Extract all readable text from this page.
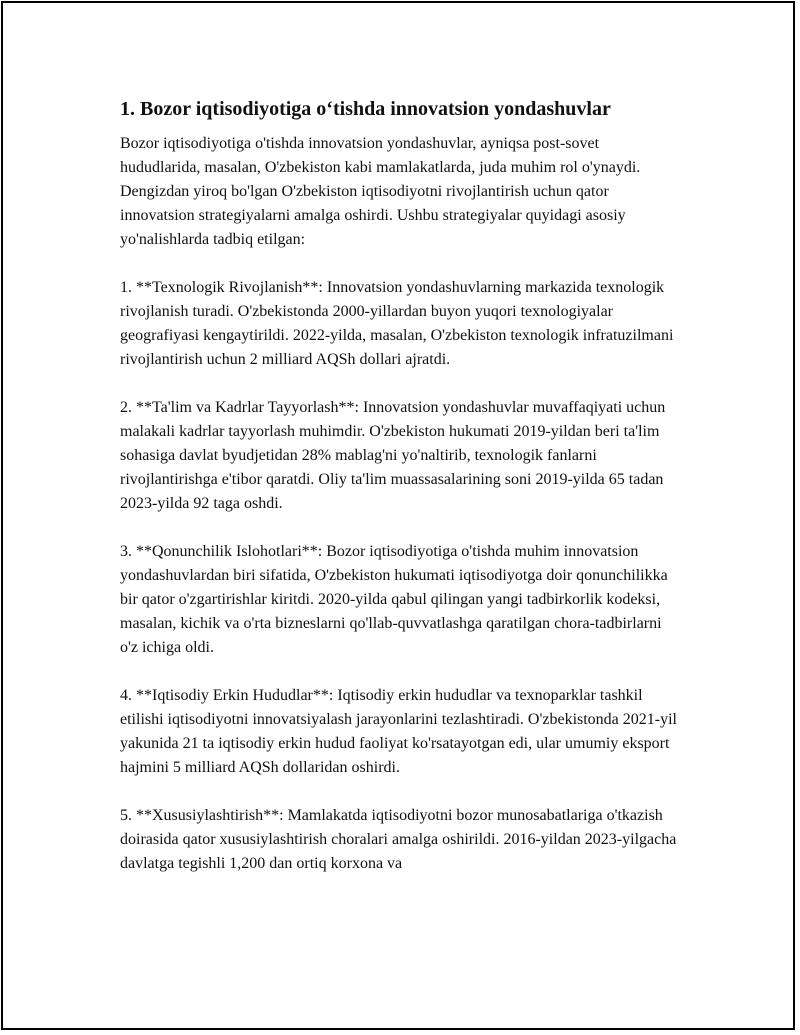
1. Bozor iqtisodiyotiga o‘tishda innovatsion yondashuvlar

Bozor iqtisodiyotiga o'tishda innovatsion yondashuvlar, ayniqsa post-sovet hududlarida, masalan, O'zbekiston kabi mamlakatlarda, juda muhim rol o'ynaydi. Dengizdan yiroq bo'lgan O'zbekiston iqtisodiyotni rivojlantirish uchun qator innovatsion strategiyalarni amalga oshirdi. Ushbu strategiyalar quyidagi asosiy yo'nalishlarda tadbiq etilgan:

1. **Texnologik Rivojlanish**: Innovatsion yondashuvlarning markazida texnologik rivojlanish turadi. O'zbekistonda 2000-yillardan buyon yuqori texnologiyalar geografiyasi kengaytirildi. 2022-yilda, masalan, O'zbekiston texnologik infratuzilmani rivojlantirish uchun 2 milliard AQSh dollari ajratdi.

2. **Ta'lim va Kadrlar Tayyorlash**: Innovatsion yondashuvlar muvaffaqiyati uchun malakali kadrlar tayyorlash muhimdir. O'zbekiston hukumati 2019-yildan beri ta'lim sohasiga davlat byudjetidan 28% mablag'ni yo'naltirib, texnologik fanlarni rivojlantirishga e'tibor qaratdi. Oliy ta'lim muassasalarining soni 2019-yilda 65 tadan 2023-yilda 92 taga oshdi.

3. **Qonunchilik Islohotlari**: Bozor iqtisodiyotiga o'tishda muhim innovatsion yondashuvlardan biri sifatida, O'zbekiston hukumati iqtisodiyotga doir qonunchilikka bir qator o'zgartirishlar kiritdi. 2020-yilda qabul qilingan yangi tadbirkorlik kodeksi, masalan, kichik va o'rta bizneslarni qo'llab-quvvatlashga qaratilgan chora-tadbirlarni o'z ichiga oldi.

4. **Iqtisodiy Erkin Hududlar**: Iqtisodiy erkin hududlar va texnoparklar tashkil etilishi iqtisodiyotni innovatsiyalash jarayonlarini tezlashtiradi. O'zbekistonda 2021-yil yakunida 21 ta iqtisodiy erkin hudud faoliyat ko'rsatayotgan edi, ular umumiy eksport hajmini 5 milliard AQSh dollaridan oshirdi.

5. **Xususiylashtirish**: Mamlakatda iqtisodiyotni bozor munosabatlariga o'tkazish doirasida qator xususiylashtirish choralari amalga oshirildi. 2016-yildan 2023-yilgacha davlatga tegishli 1,200 dan ortiq korxona va
